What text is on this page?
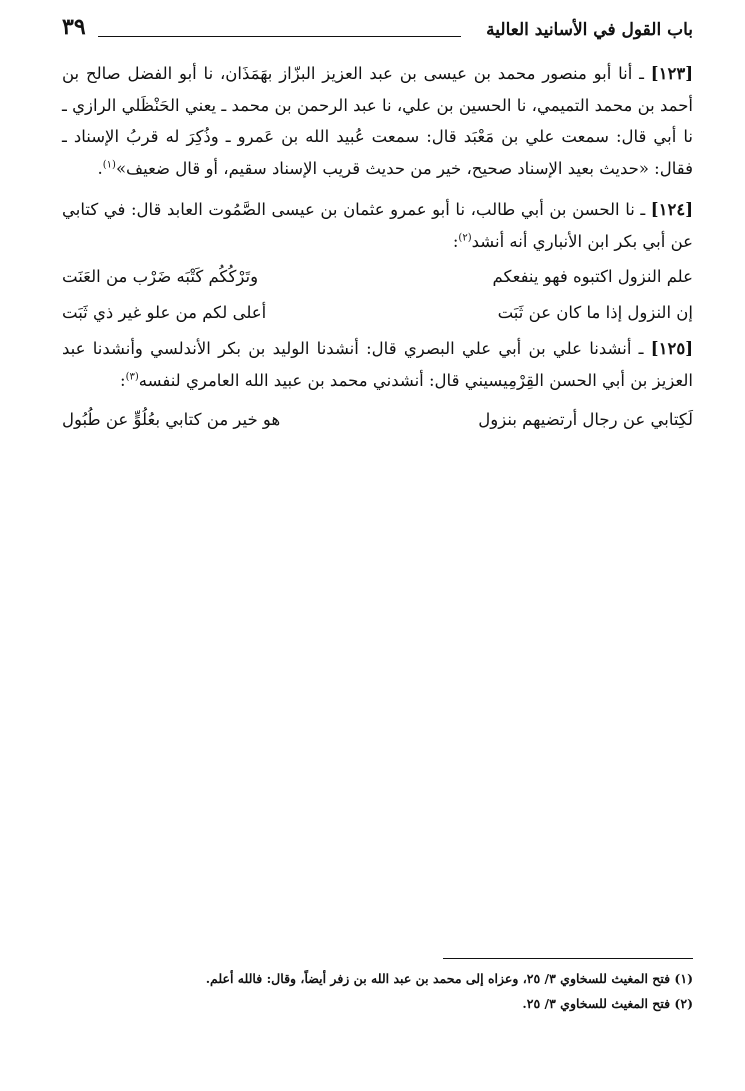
باب القول في الأسانيد العالية
٣٩

[١٢٣] ـ أنا أبو منصور محمد بن عيسى بن عبد العزيز البزّاز بهَمَذَان، نا أبو الفضل صالح بن أحمد بن محمد التميمي، نا الحسين بن علي، نا عبد الرحمن بن محمد ـ يعني الحَنْظَلي الرازي ـ نا أبي قال: سمعت علي بن مَعْبَد قال: سمعت عُبيد الله بن عَمرو ـ وذُكِرَ له قربُ الإسناد ـ فقال: «حديث بعيد الإسناد صحيح، خير من حديث قريب الإسناد سقيم، أو قال ضعيف»$^{(١)}$.

[١٢٤] ـ نا الحسن بن أبي طالب، نا أبو عمرو عثمان بن عيسى الصَّمُوت العابد قال: في كتابي عن أبي بكر ابن الأنباري أنه أنشد$^{(٢)}$:

علم النزول اكتبوه فهو ينفعكم
وتَرْكُكُم كَتْبَه ضَرْب من العَنَت
إن النزول إذا ما كان عن ثَبَت
أعلى لكم من علو غير ذي ثَبَت

[١٢٥] ـ أنشدنا علي بن أبي علي البصري قال: أنشدنا الوليد بن بكر الأندلسي وأنشدنا عبد العزيز بن أبي الحسن القِرْمِيسيني قال: أنشدني محمد بن عبيد الله العامري لنفسه$^{(٣)}$:

لَكِتابي عن رجال أرتضيهم بنزول
هو خير من كتابي بعُلُوٍّ عن طُبُول
(١) فتح المغيث للسخاوي ٣/ ٢٥، وعزاه إلى محمد بن عبد الله بن زفر أيضاً، وقال: فالله أعلم.
(٢) فتح المغيث للسخاوي ٣/ ٢٥.
